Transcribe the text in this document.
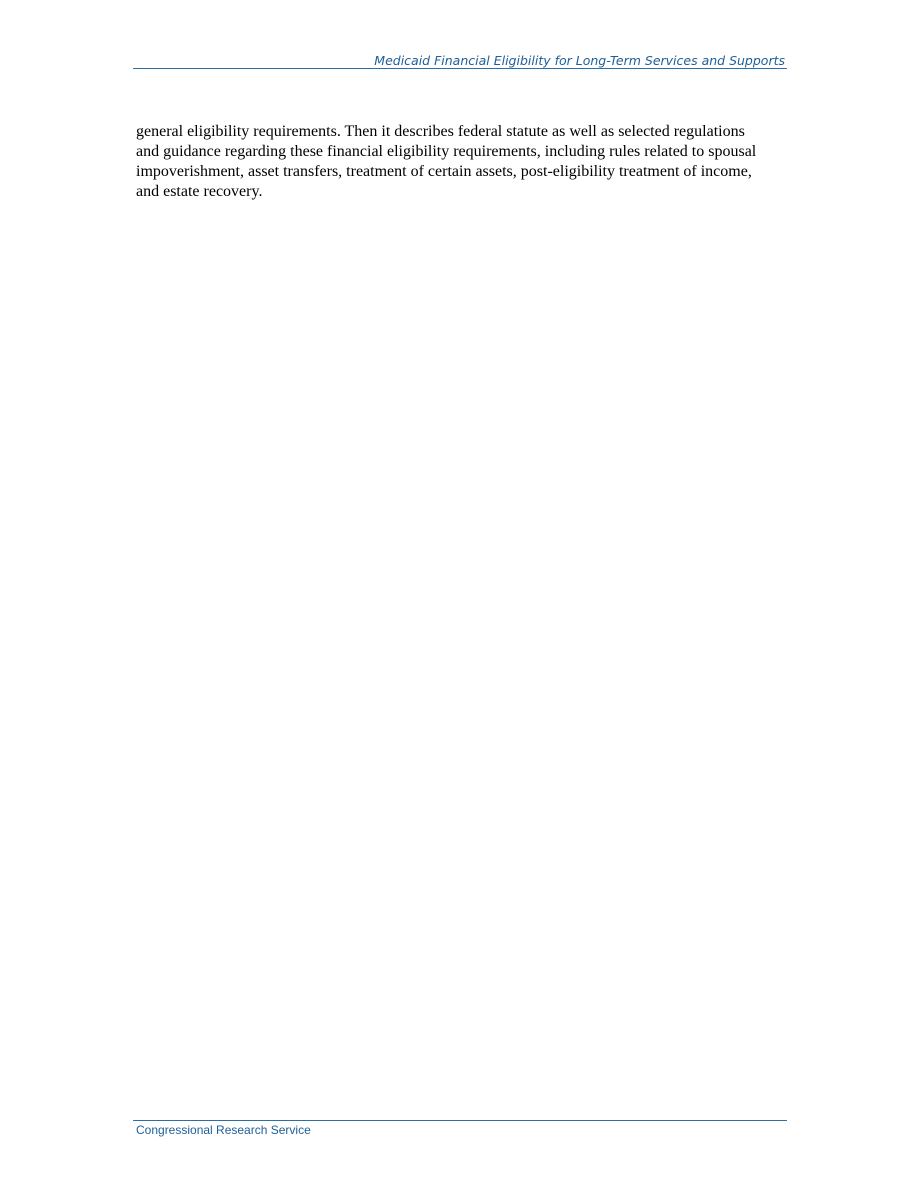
Medicaid Financial Eligibility for Long-Term Services and Supports

general eligibility requirements. Then it describes federal statute as well as selected regulations
and guidance regarding these financial eligibility requirements, including rules related to spousal
impoverishment, asset transfers, treatment of certain assets, post-eligibility treatment of income,
and estate recovery.

Congressional Research Service
